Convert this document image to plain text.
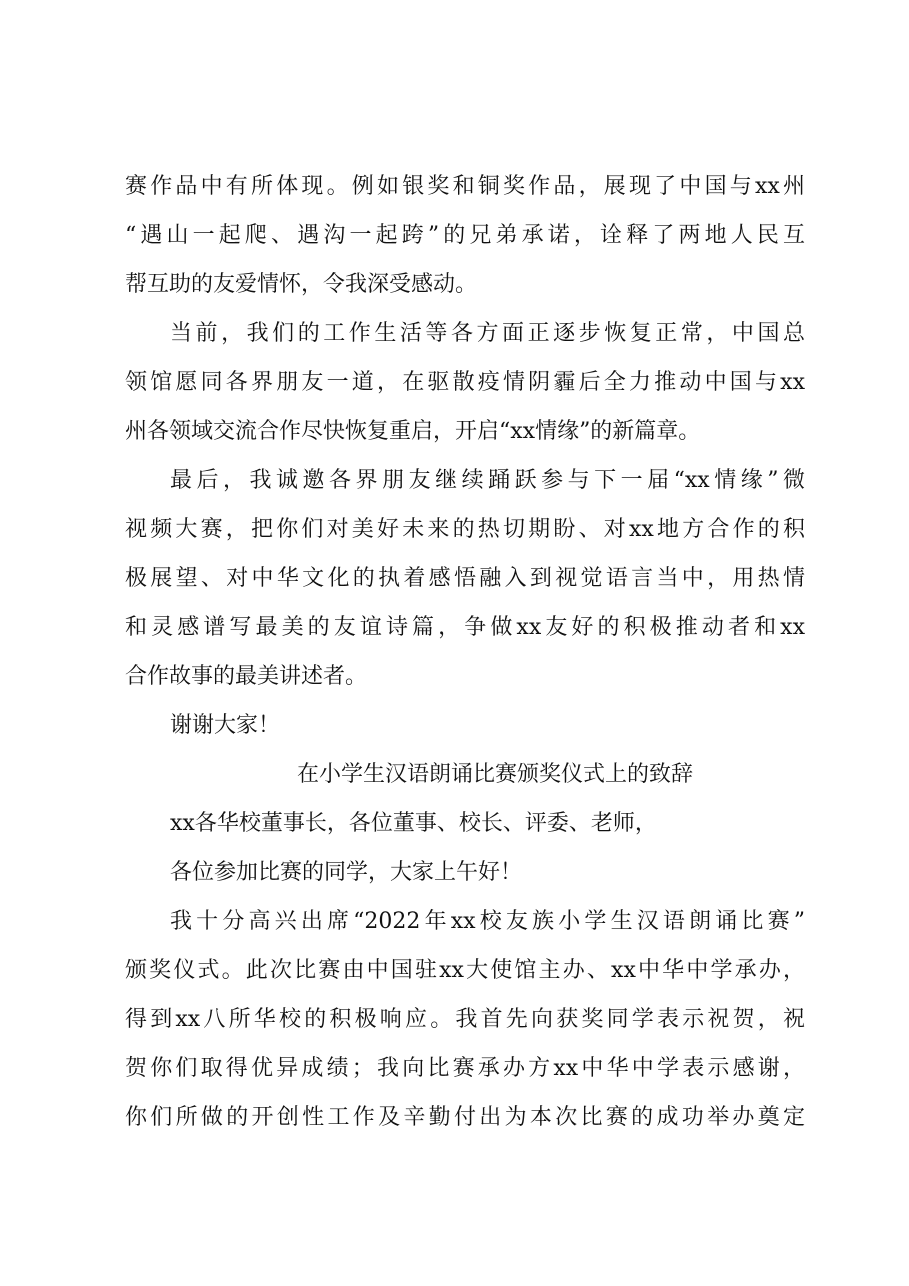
赛作品中有所体现。例如银奖和铜奖作品，展现了中国与xx州
“遇山一起爬、遇沟一起跨”的兄弟承诺，诠释了两地人民互
帮互助的友爱情怀，令我深受感动。
当前，我们的工作生活等各方面正逐步恢复正常，中国总
领馆愿同各界朋友一道，在驱散疫情阴霾后全力推动中国与xx
州各领域交流合作尽快恢复重启，开启“xx情缘”的新篇章。
最后，我诚邀各界朋友继续踊跃参与下一届“xx情缘”微
视频大赛，把你们对美好未来的热切期盼、对xx地方合作的积
极展望、对中华文化的执着感悟融入到视觉语言当中，用热情
和灵感谱写最美的友谊诗篇，争做xx友好的积极推动者和xx
合作故事的最美讲述者。
谢谢大家！
在小学生汉语朗诵比赛颁奖仪式上的致辞
xx各华校董事长，各位董事、校长、评委、老师，
各位参加比赛的同学，大家上午好！
我十分高兴出席“2022年xx校友族小学生汉语朗诵比赛”
颁奖仪式。此次比赛由中国驻xx大使馆主办、xx中华中学承办，
得到xx八所华校的积极响应。我首先向获奖同学表示祝贺，祝
贺你们取得优异成绩；我向比赛承办方xx中华中学表示感谢，
你们所做的开创性工作及辛勤付出为本次比赛的成功举办奠定
